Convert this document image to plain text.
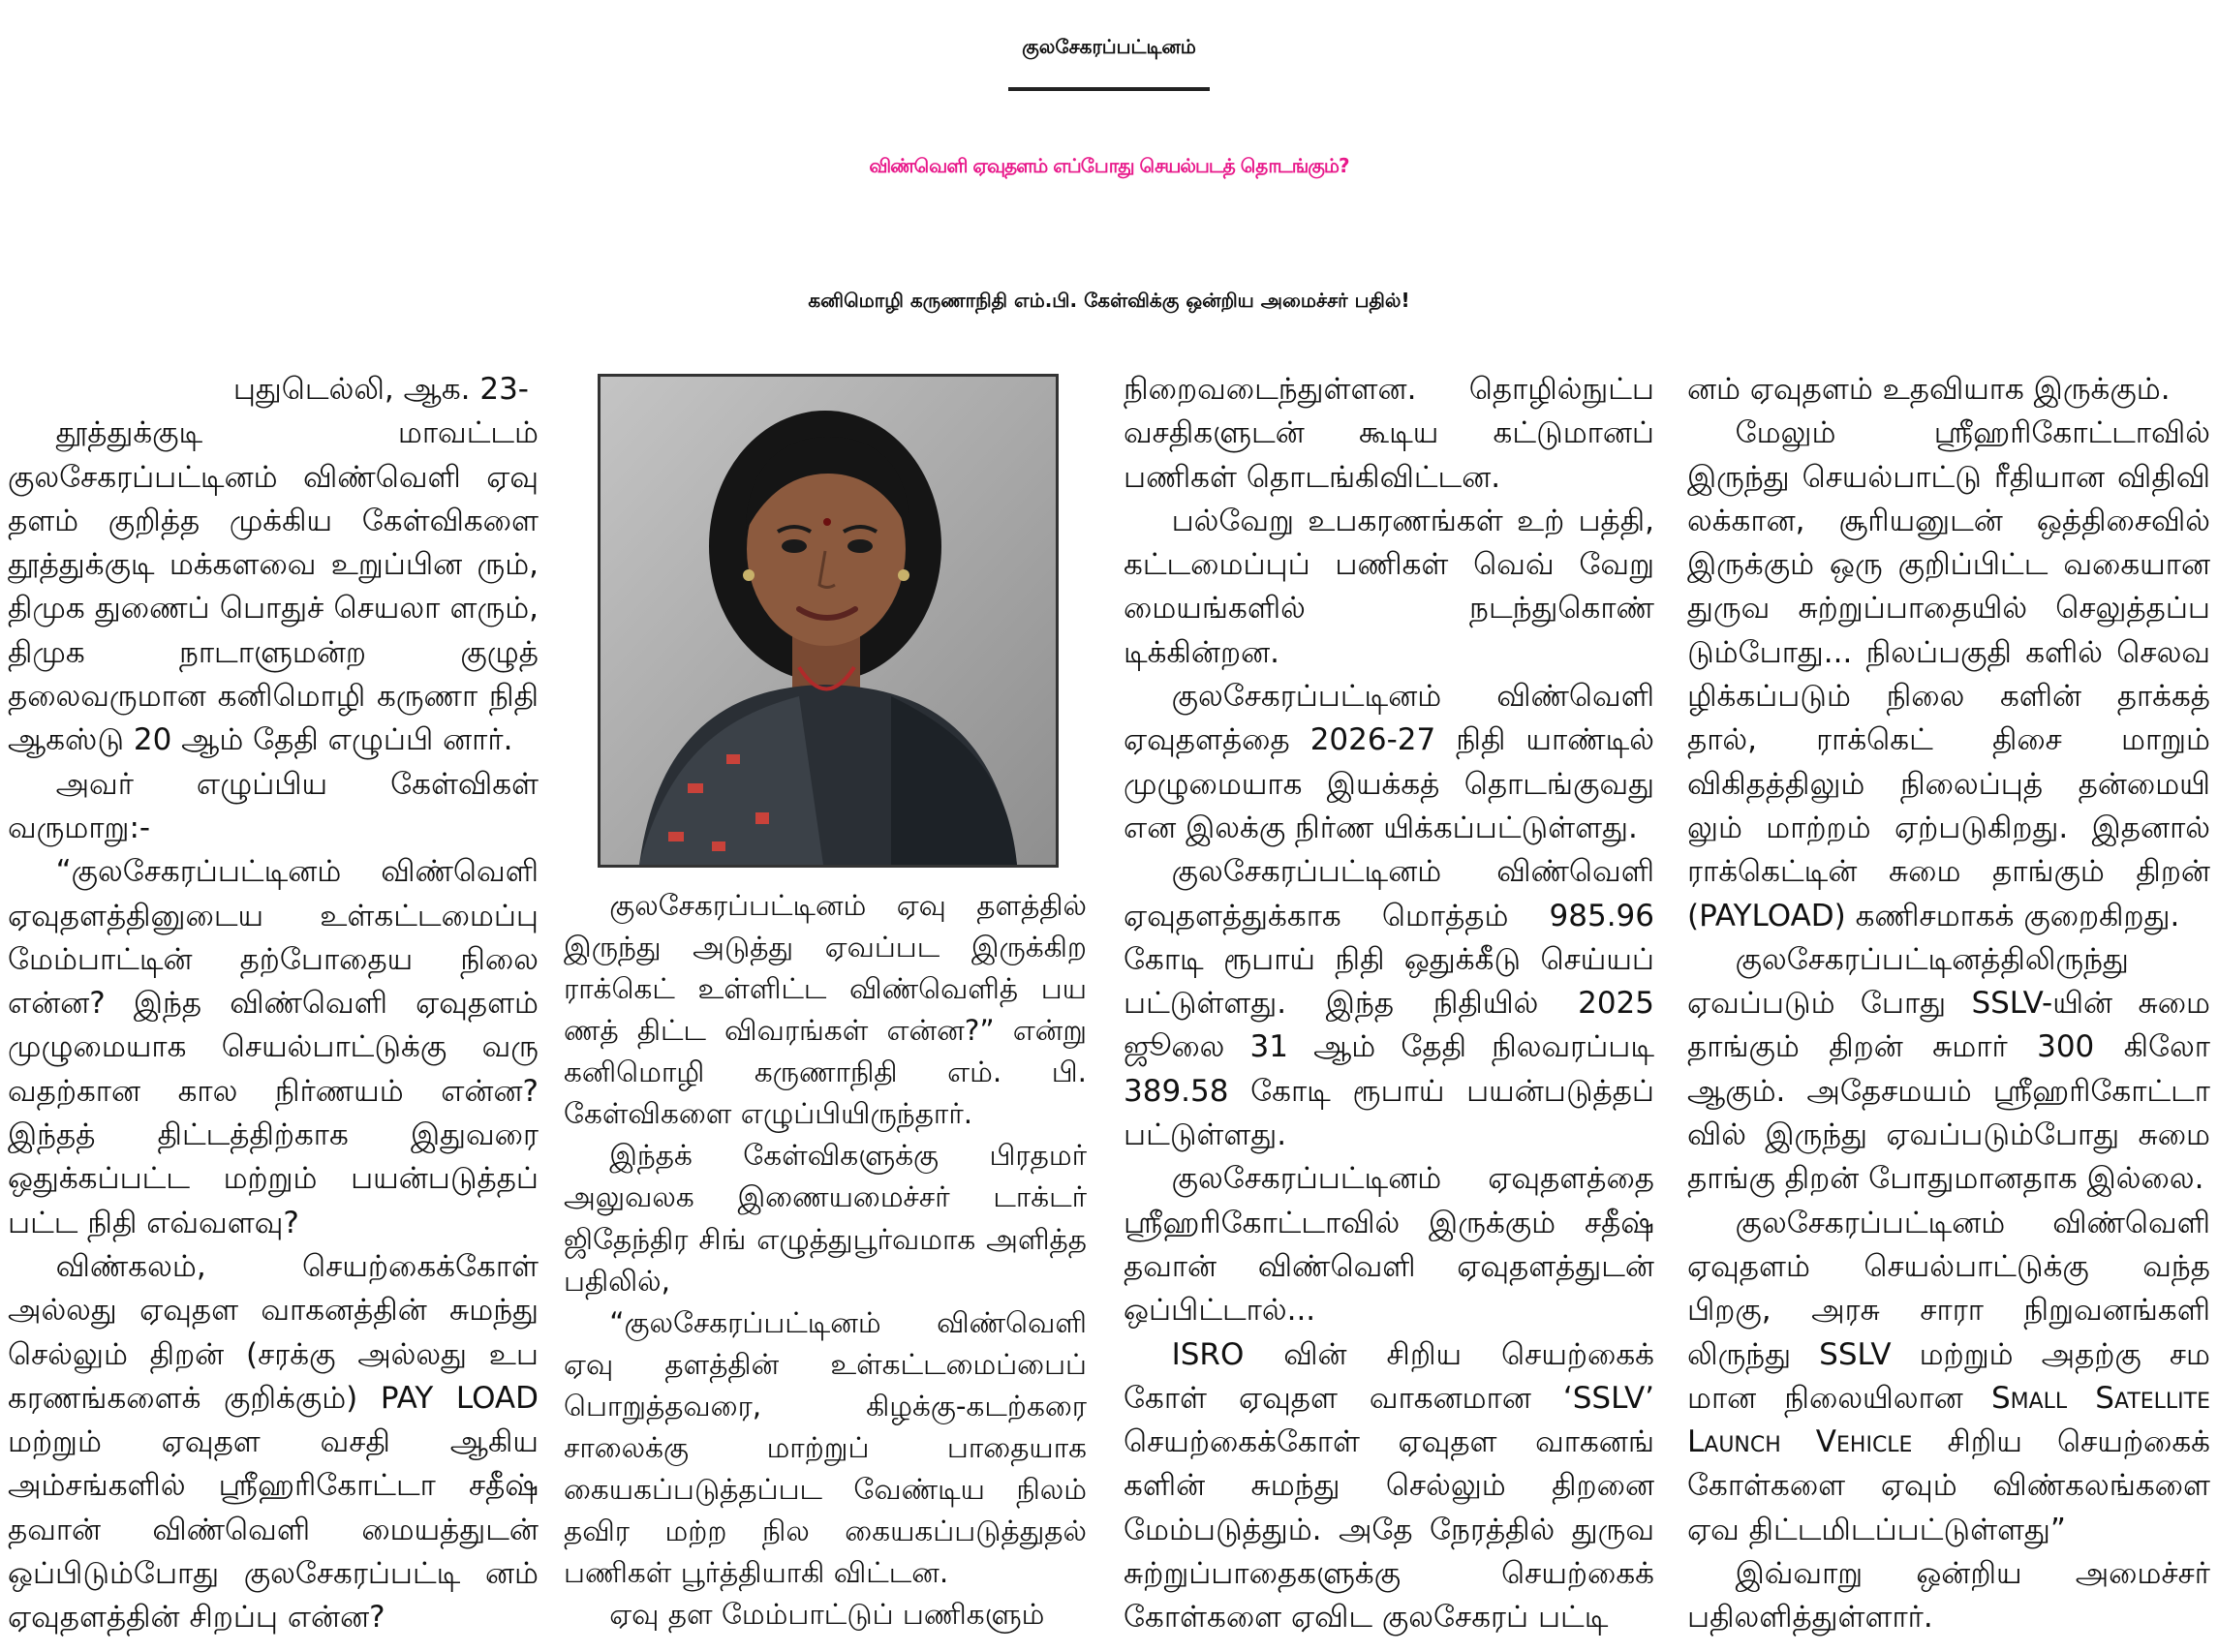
குலசேகரப்பட்டினம்
விண்வெளி ஏவுதளம் எப்போது செயல்படத் தொடங்கும்?
கனிமொழி கருணாநிதி எம்.பி. கேள்விக்கு ஒன்றிய அமைச்சர் பதில்!

புதுடெல்லி, ஆக. 23-

தூத்துக்குடி மாவட்டம் குலசேகரப்பட்டினம் விண்வெளி ஏவு தளம் குறித்த முக்கிய கேள்விகளை தூத்துக்குடி மக்களவை உறுப்பின ரும், திமுக துணைப் பொதுச் செயலா ளரும், திமுக நாடாளுமன்ற குழுத் தலைவருமான கனிமொழி கருணா நிதி ஆகஸ்டு 20 ஆம் தேதி எழுப்பி னார்.

அவர் எழுப்பிய கேள்விகள் வருமாறு:-

“குலசேகரப்பட்டினம் விண்வெளி ஏவுதளத்தினுடைய உள்கட்டமைப்பு மேம்பாட்டின் தற்போதைய நிலை என்ன? இந்த விண்வெளி ஏவுதளம் முழுமையாக செயல்பாட்டுக்கு வரு வதற்கான கால நிர்ணயம் என்ன? இந்தத் திட்டத்திற்காக இதுவரை ஒதுக்கப்பட்ட மற்றும் பயன்படுத்தப் பட்ட நிதி எவ்வளவு?

விண்கலம், செயற்கைக்கோள் அல்லது ஏவுதள வாகனத்தின் சுமந்து செல்லும் திறன் (சரக்கு அல்லது உப கரணங்களைக் குறிக்கும்) PAY LOAD மற்றும் ஏவுதள வசதி ஆகிய அம்சங்களில் ஸ்ரீஹரிகோட்டா சதீஷ் தவான் விண்வெளி மையத்துடன் ஒப்பிடும்போது குலசேகரப்பட்டி னம் ஏவுதளத்தின் சிறப்பு என்ன?

குலசேகரப்பட்டினம் ஏவு தளத்தில் இருந்து அடுத்து ஏவப்பட இருக்கிற ராக்கெட் உள்ளிட்ட விண்வெளித் பய ணத் திட்ட விவரங்கள் என்ன?” என்று கனிமொழி கருணாநிதி எம். பி. கேள்விகளை எழுப்பியிருந்தார்.

இந்தக் கேள்விகளுக்கு பிரதமர் அலுவலக இணையமைச்சர் டாக்டர் ஜிதேந்திர சிங் எழுத்துபூர்வமாக அளித்த பதிலில்,

“குலசேகரப்பட்டினம் விண்வெளி ஏவு தளத்தின் உள்கட்டமைப்பைப் பொறுத்தவரை, கிழக்கு-கடற்கரை சாலைக்கு மாற்றுப் பாதையாக கையகப்படுத்தப்பட வேண்டிய நிலம் தவிர மற்ற நில கையகப்படுத்துதல் பணிகள் பூர்த்தியாகி விட்டன.

ஏவு தள மேம்பாட்டுப் பணிகளும்

நிறைவடைந்துள்ளன. தொழில்நுட்ப வசதிகளுடன் கூடிய கட்டுமானப் பணிகள் தொடங்கிவிட்டன.

பல்வேறு உபகரணங்கள் உற் பத்தி, கட்டமைப்புப் பணிகள் வெவ் வேறு மையங்களில் நடந்துகொண் டிக்கின்றன.

குலசேகரப்பட்டினம் விண்வெளி ஏவுதளத்தை 2026-27 நிதி யாண்டில் முழுமையாக இயக்கத் தொடங்குவது என இலக்கு நிர்ண யிக்கப்பட்டுள்ளது.

குலசேகரப்பட்டினம் விண்வெளி ஏவுதளத்துக்காக மொத்தம் 985.96 கோடி ரூபாய் நிதி ஒதுக்கீடு செய்யப் பட்டுள்ளது. இந்த நிதியில் 2025 ஜூலை 31 ஆம் தேதி நிலவரப்படி 389.58 கோடி ரூபாய் பயன்படுத்தப் பட்டுள்ளது.

குலசேகரப்பட்டினம் ஏவுதளத்தை ஸ்ரீஹரிகோட்டாவில் இருக்கும் சதீஷ் தவான் விண்வெளி ஏவுதளத்துடன் ஒப்பிட்டால்...

ISRO வின் சிறிய செயற்கைக் கோள் ஏவுதள வாகனமான ‘SSLV’ செயற்கைக்கோள் ஏவுதள வாகனங் களின் சுமந்து செல்லும் திறனை மேம்படுத்தும். அதே நேரத்தில் துருவ சுற்றுப்பாதைகளுக்கு செயற்கைக் கோள்களை ஏவிட குலசேகரப் பட்டி

னம் ஏவுதளம் உதவியாக இருக்கும்.

மேலும் ஸ்ரீஹரிகோட்டாவில் இருந்து செயல்பாட்டு ரீதியான விதிவி லக்கான, சூரியனுடன் ஒத்திசைவில் இருக்கும் ஒரு குறிப்பிட்ட வகையான துருவ சுற்றுப்பாதையில் செலுத்தப்ப டும்போது... நிலப்பகுதி களில் செலவ ழிக்கப்படும் நிலை களின் தாக்கத் தால், ராக்கெட் திசை மாறும் விகிதத்திலும் நிலைப்புத் தன்மையி லும் மாற்றம் ஏற்படுகிறது. இதனால் ராக்கெட்டின் சுமை தாங்கும் திறன் (PAYLOAD) கணிசமாகக் குறைகிறது.

குலசேகரப்பட்டினத்திலிருந்து ஏவப்படும் போது SSLV-யின் சுமை தாங்கும் திறன் சுமார் 300 கிலோ ஆகும். அதேசமயம் ஸ்ரீஹரிகோட்டா வில் இருந்து ஏவப்படும்போது சுமை தாங்கு திறன் போதுமானதாக இல்லை.

குலசேகரப்பட்டினம் விண்வெளி ஏவுதளம் செயல்பாட்டுக்கு வந்த பிறகு, அரசு சாரா நிறுவனங்களி லிருந்து SSLV மற்றும் அதற்கு சம மான நிலையிலான Small Satellite Launch Vehicle சிறிய செயற்கைக் கோள்களை ஏவும் விண்கலங்களை ஏவ திட்டமிடப்பட்டுள்ளது”

இவ்வாறு ஒன்றிய அமைச்சர் பதிலளித்துள்ளார்.
